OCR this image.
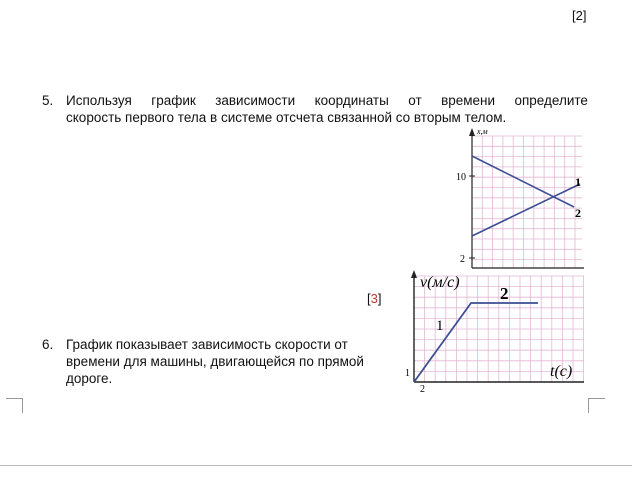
[2]
5. Используя график зависимости координаты от времени определите
скорость первого тела в системе отсчета связанной со вторым телом.
x,м
10
2
1
2
[3]
6. График показывает зависимость скорости от времени для машины, двигающейся по прямой дороге.
v(м/с)
t(с)
1
2
1
2
